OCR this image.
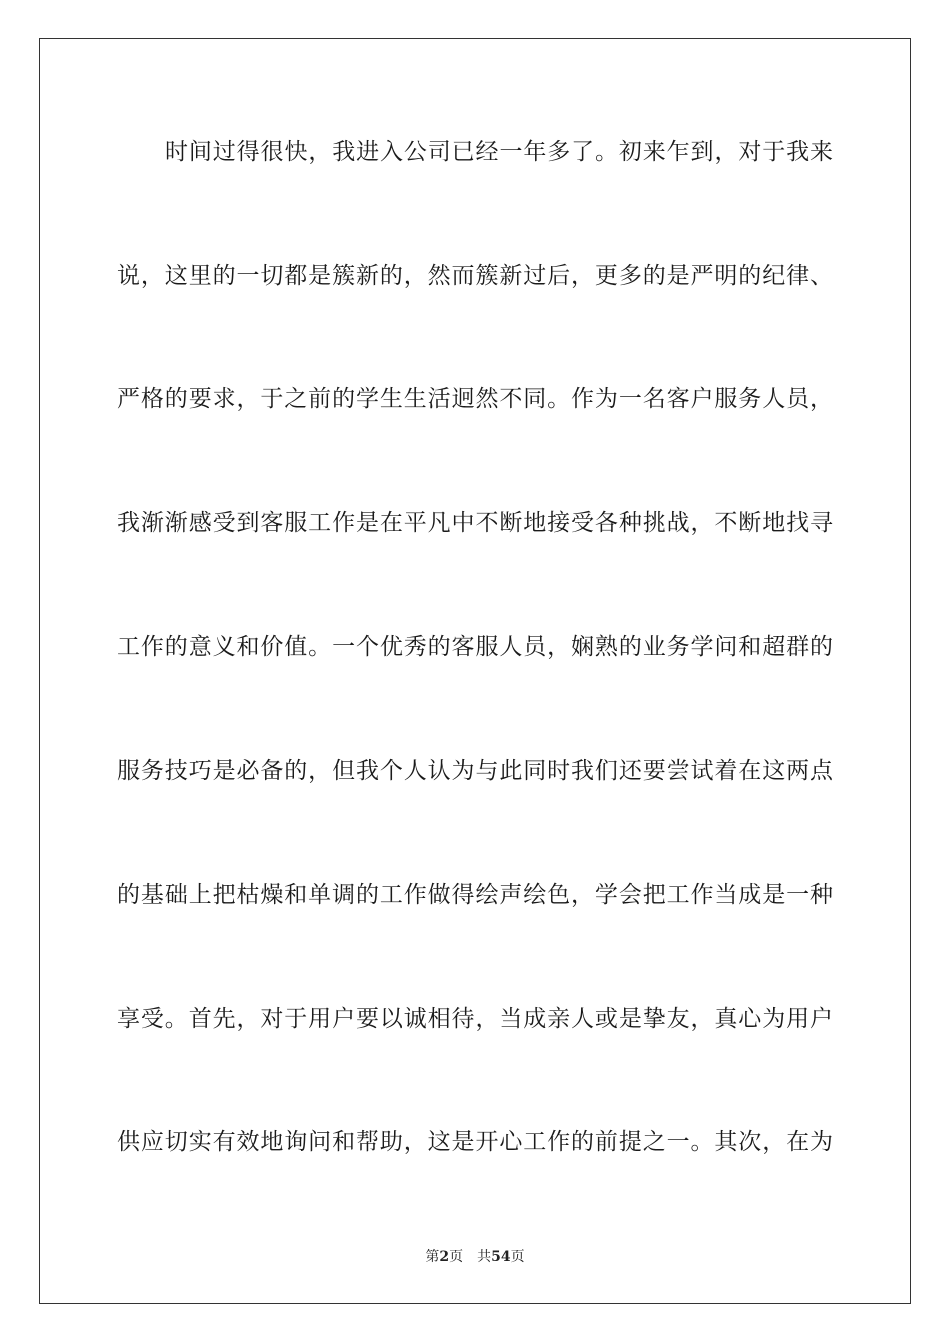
时间过得很快，我进入公司已经一年多了。初来乍到，对于我来
说，这里的一切都是簇新的，然而簇新过后，更多的是严明的纪律、
严格的要求，于之前的学生生活迥然不同。作为一名客户服务人员，
我渐渐感受到客服工作是在平凡中不断地接受各种挑战，不断地找寻
工作的意义和价值。一个优秀的客服人员，娴熟的业务学问和超群的
服务技巧是必备的，但我个人认为与此同时我们还要尝试着在这两点
的基础上把枯燥和单调的工作做得绘声绘色，学会把工作当成是一种
享受。首先，对于用户要以诚相待，当成亲人或是挚友，真心为用户
供应切实有效地询问和帮助，这是开心工作的前提之一。其次，在为
第2页 共54页
